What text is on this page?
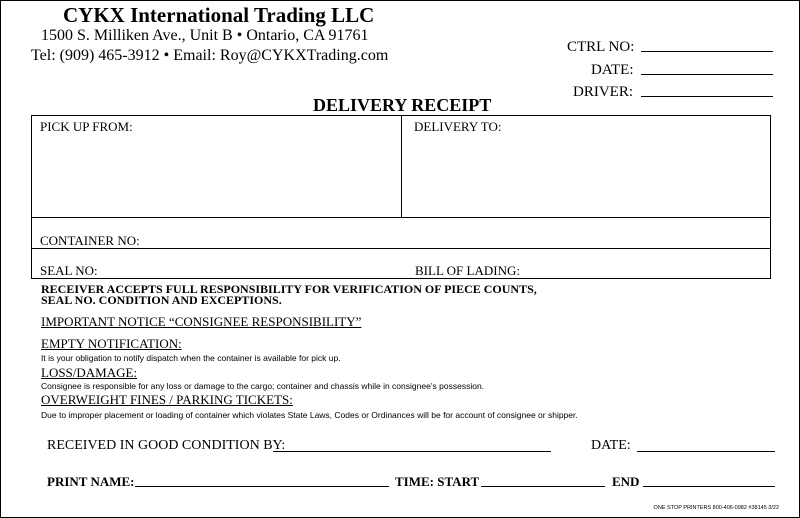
CYKX International Trading LLC
1500 S. Milliken Ave., Unit B • Ontario, CA 91761
Tel: (909) 465-3912 • Email: Roy@CYKXTrading.com	CTRL NO:
DATE:
DRIVER:
DELIVERY RECEIPT
PICK UP FROM:	DELIVERY TO:
CONTAINER NO:
SEAL NO:	BILL OF LADING:
RECEIVER ACCEPTS FULL RESPONSIBILITY FOR VERIFICATION OF PIECE COUNTS,
SEAL NO. CONDITION AND EXCEPTIONS.
IMPORTANT NOTICE “CONSIGNEE RESPONSIBILITY”
EMPTY NOTIFICATION:
It is your obligation to notify dispatch when the container is available for pick up.
LOSS/DAMAGE:
Consignee is responsible for any loss or damage to the cargo; container and chassis while in consignee’s possession.
OVERWEIGHT FINES / PARKING TICKETS:
Due to improper placement or loading of container which violates State Laws, Codes or Ordinances will be for account of consignee or shipper.
RECEIVED IN GOOD CONDITION BY:	DATE:
PRINT NAME:	TIME: START	END
ONE STOP PRINTERS 800-406-0982 #38145 3/22
